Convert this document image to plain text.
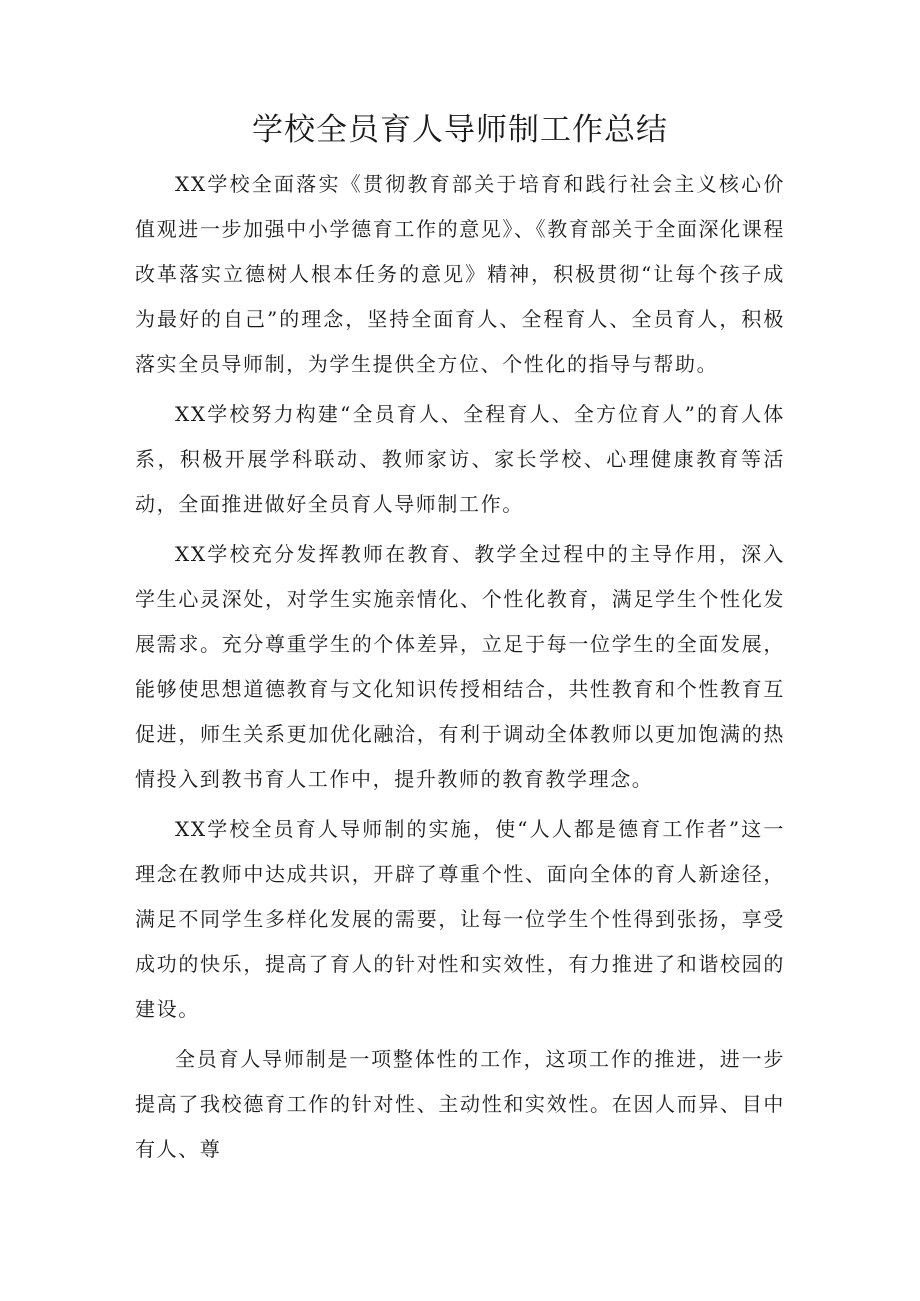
学校全员育人导师制工作总结

XX学校全面落实《贯彻教育部关于培育和践行社会主义核心价值观进一步加强中小学德育工作的意见》、《教育部关于全面深化课程改革落实立德树人根本任务的意见》精神，积极贯彻“让每个孩子成为最好的自己”的理念，坚持全面育人、全程育人、全员育人，积极落实全员导师制，为学生提供全方位、个性化的指导与帮助。

XX学校努力构建“全员育人、全程育人、全方位育人”的育人体系，积极开展学科联动、教师家访、家长学校、心理健康教育等活动，全面推进做好全员育人导师制工作。

XX学校充分发挥教师在教育、教学全过程中的主导作用，深入学生心灵深处，对学生实施亲情化、个性化教育，满足学生个性化发展需求。充分尊重学生的个体差异，立足于每一位学生的全面发展，能够使思想道德教育与文化知识传授相结合，共性教育和个性教育互促进，师生关系更加优化融洽，有利于调动全体教师以更加饱满的热情投入到教书育人工作中，提升教师的教育教学理念。

XX学校全员育人导师制的实施，使“人人都是德育工作者”这一理念在教师中达成共识，开辟了尊重个性、面向全体的育人新途径，满足不同学生多样化发展的需要，让每一位学生个性得到张扬，享受成功的快乐，提高了育人的针对性和实效性，有力推进了和谐校园的建设。

全员育人导师制是一项整体性的工作，这项工作的推进，进一步提高了我校德育工作的针对性、主动性和实效性。在因人而异、目中有人、尊
